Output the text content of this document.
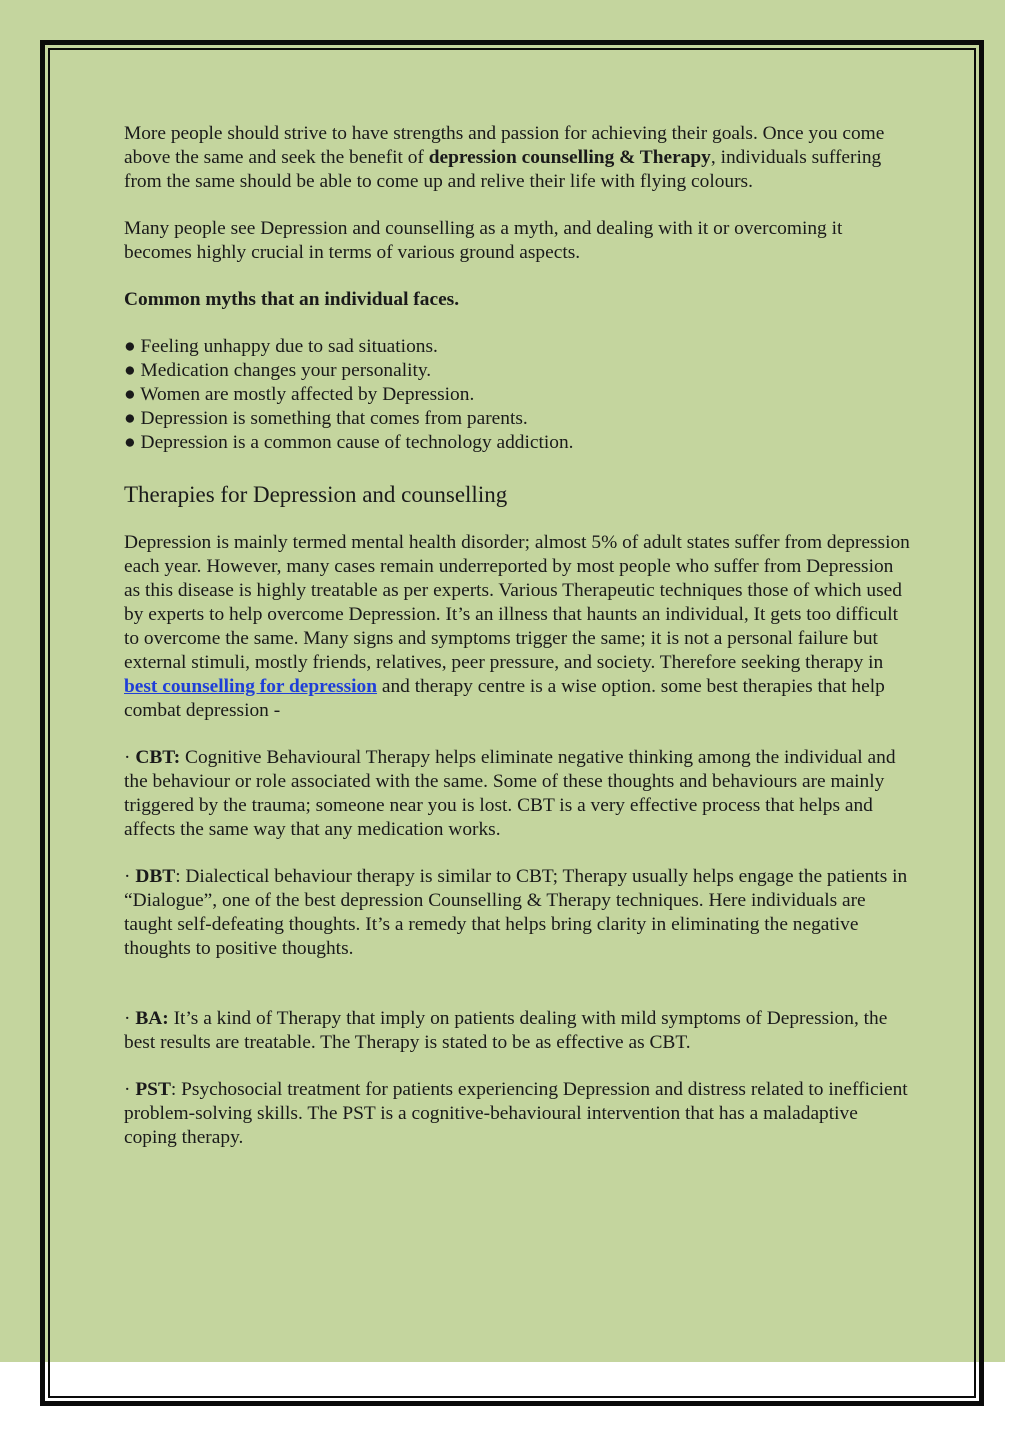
More people should strive to have strengths and passion for achieving their goals. Once you come above the same and seek the benefit of depression counselling & Therapy, individuals suffering from the same should be able to come up and relive their life with flying colours.

Many people see Depression and counselling as a myth, and dealing with it or overcoming it becomes highly crucial in terms of various ground aspects.

Common myths that an individual faces.

● Feeling unhappy due to sad situations.
● Medication changes your personality.
● Women are mostly affected by Depression.
● Depression is something that comes from parents.
● Depression is a common cause of technology addiction.

Therapies for Depression and counselling

Depression is mainly termed mental health disorder; almost 5% of adult states suffer from depression each year. However, many cases remain underreported by most people who suffer from Depression as this disease is highly treatable as per experts. Various Therapeutic techniques those of which used by experts to help overcome Depression. It’s an illness that haunts an individual, It gets too difficult to overcome the same. Many signs and symptoms trigger the same; it is not a personal failure but external stimuli, mostly friends, relatives, peer pressure, and society. Therefore seeking therapy in best counselling for depression and therapy centre is a wise option. some best therapies that help combat depression -

· CBT: Cognitive Behavioural Therapy helps eliminate negative thinking among the individual and the behaviour or role associated with the same. Some of these thoughts and behaviours are mainly triggered by the trauma; someone near you is lost. CBT is a very effective process that helps and affects the same way that any medication works.

· DBT: Dialectical behaviour therapy is similar to CBT; Therapy usually helps engage the patients in “Dialogue”, one of the best depression Counselling & Therapy techniques. Here individuals are taught self-defeating thoughts. It’s a remedy that helps bring clarity in eliminating the negative thoughts to positive thoughts.

· BA: It’s a kind of Therapy that imply on patients dealing with mild symptoms of Depression, the best results are treatable. The Therapy is stated to be as effective as CBT.

· PST: Psychosocial treatment for patients experiencing Depression and distress related to inefficient problem-solving skills. The PST is a cognitive-behavioural intervention that has a maladaptive coping therapy.
